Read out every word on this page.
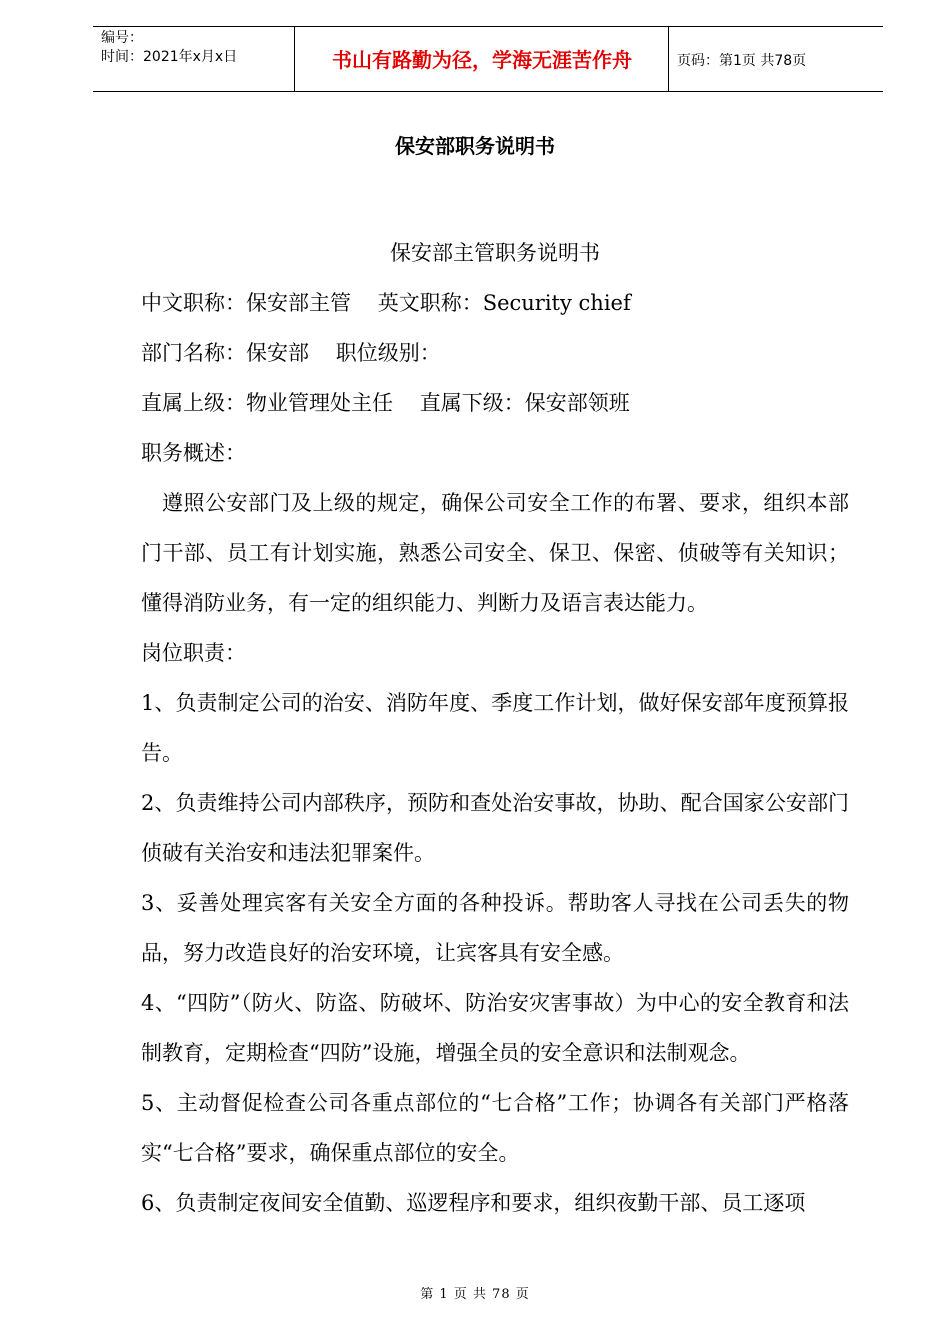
编号：
时间：2021年x月x日	书山有路勤为径，学海无涯苦作舟	页码：第1页 共78页
保安部职务说明书

保安部主管职务说明书

中文职称：保安部主管    英文职称：Security chief

部门名称：保安部    职位级别：

直属上级：物业管理处主任    直属下级：保安部领班

职务概述：

遵照公安部门及上级的规定，确保公司安全工作的布署、要求，组织本部门干部、员工有计划实施，熟悉公司安全、保卫、保密、侦破等有关知识；懂得消防业务，有一定的组织能力、判断力及语言表达能力。

岗位职责：

1、负责制定公司的治安、消防年度、季度工作计划，做好保安部年度预算报告。

2、负责维持公司内部秩序，预防和查处治安事故，协助、配合国家公安部门侦破有关治安和违法犯罪案件。

3、妥善处理宾客有关安全方面的各种投诉。帮助客人寻找在公司丢失的物品，努力改造良好的治安环境，让宾客具有安全感。

4、“四防”（防火、防盗、防破坏、防治安灾害事故）为中心的安全教育和法制教育，定期检查“四防”设施，增强全员的安全意识和法制观念。

5、主动督促检查公司各重点部位的“七合格”工作；协调各有关部门严格落实“七合格”要求，确保重点部位的安全。

6、负责制定夜间安全值勤、巡逻程序和要求，组织夜勤干部、员工逐项

第 1 页 共 78 页
